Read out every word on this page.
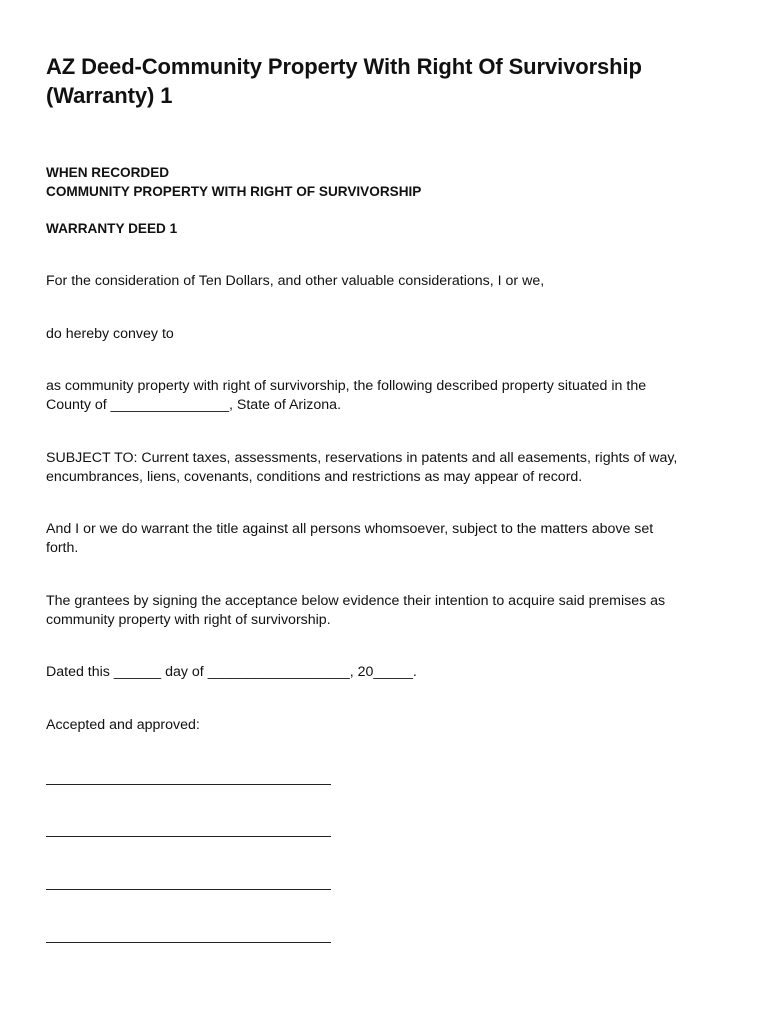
AZ Deed-Community Property With Right Of Survivorship
(Warranty) 1
WHEN RECORDED
COMMUNITY PROPERTY WITH RIGHT OF SURVIVORSHIP
WARRANTY DEED 1

For the consideration of Ten Dollars, and other valuable considerations, I or we,

do hereby convey to

as community property with right of survivorship, the following described property situated in the
County of _______________, State of Arizona.

SUBJECT TO: Current taxes, assessments, reservations in patents and all easements, rights of way,
encumbrances, liens, covenants, conditions and restrictions as may appear of record.

And I or we do warrant the title against all persons whomsoever, subject to the matters above set
forth.

The grantees by signing the acceptance below evidence their intention to acquire said premises as
community property with right of survivorship.

Dated this ______ day of __________________, 20_____.

Accepted and approved:
